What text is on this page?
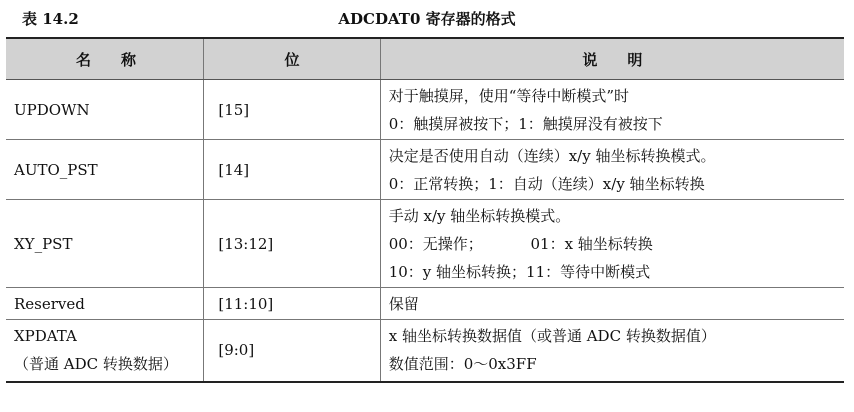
表 14.2	ADCDAT0 寄存器的格式
名　　称	位	说　　明

UPDOWN	[15]	对于触摸屏，使用“等待中断模式”时
0：触摸屏被按下；1：触摸屏没有被按下

AUTO_PST	[14]	决定是否使用自动（连续）x/y 轴坐标转换模式。
0：正常转换；1：自动（连续）x/y 轴坐标转换

XY_PST	[13:12]	手动 x/y 轴坐标转换模式。
00：无操作；          01：x 轴坐标转换
10：y 轴坐标转换；11：等待中断模式

Reserved	[11:10]	保留

XPDATA
（普通 ADC 转换数据）	[9:0]	x 轴坐标转换数据值（或普通 ADC 转换数据值）
数值范围：0～0x3FF
